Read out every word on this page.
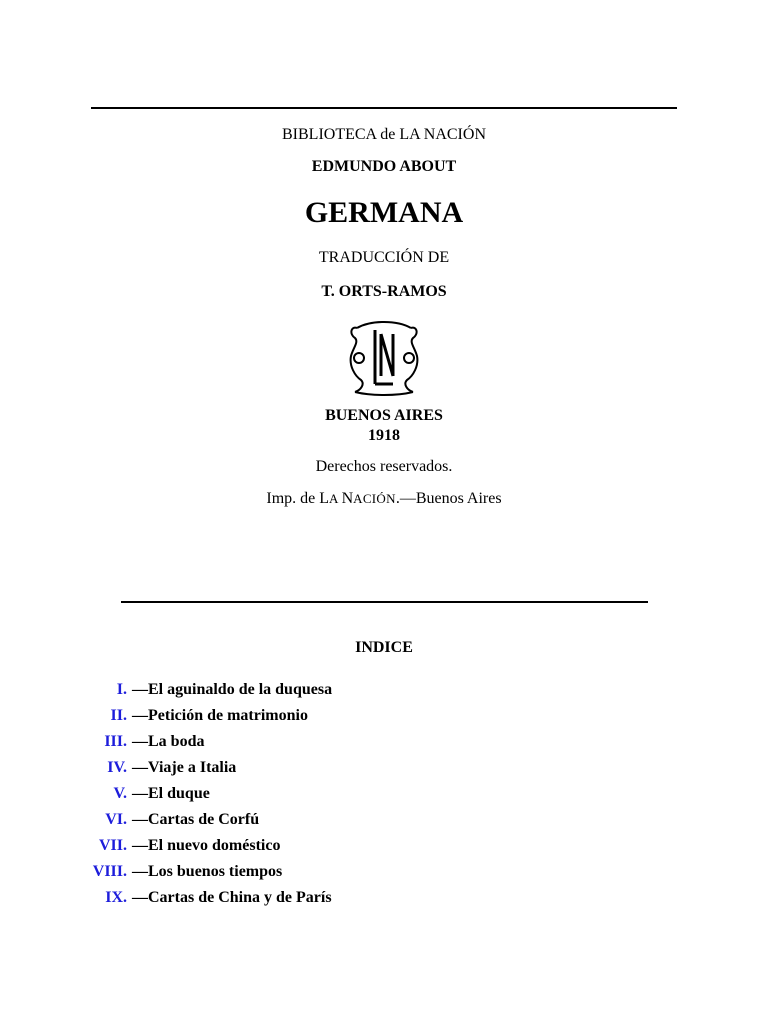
BIBLIOTECA de LA NACIÓN
EDMUNDO ABOUT
GERMANA
TRADUCCIÓN DE
T. ORTS-RAMOS
BUENOS AIRES
1918
Derechos reservados.
Imp. de LA NACIÓN.—Buenos Aires
INDICE
I. —El aguinaldo de la duquesa
II. —Petición de matrimonio
III. —La boda
IV. —Viaje a Italia
V. —El duque
VI. —Cartas de Corfú
VII. —El nuevo doméstico
VIII. —Los buenos tiempos
IX. —Cartas de China y de París
